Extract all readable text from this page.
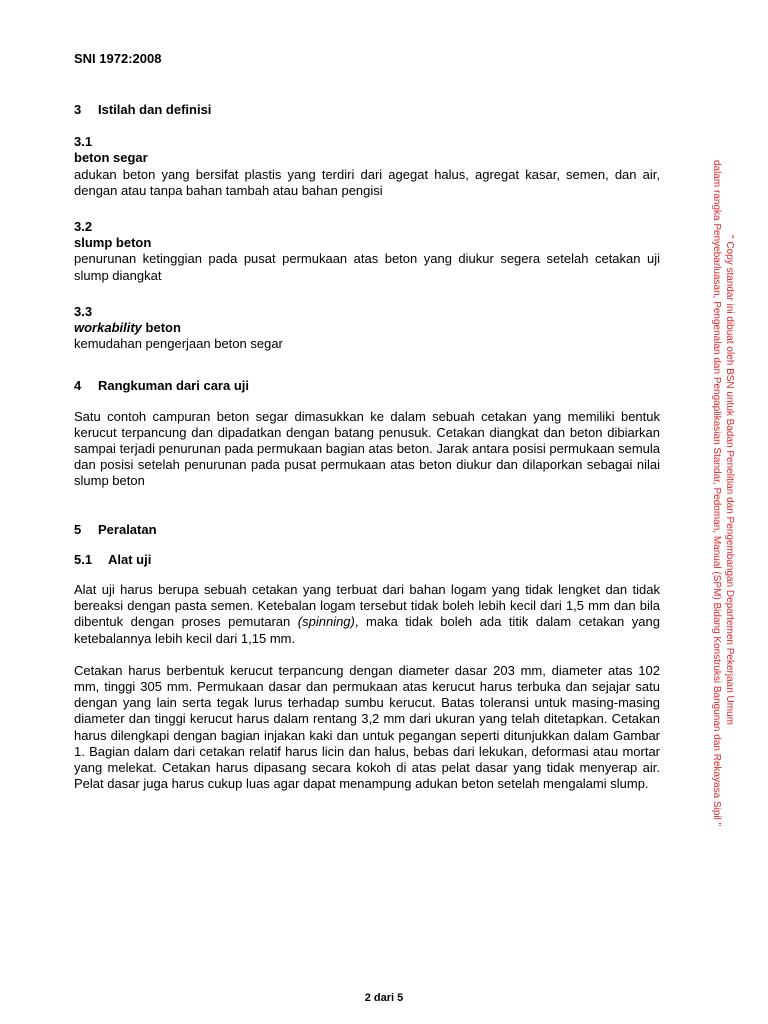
SNI 1972:2008
3 Istilah dan definisi
3.1
beton segar
adukan beton yang bersifat plastis yang terdiri dari agegat halus, agregat kasar, semen, dan air, dengan atau tanpa bahan tambah atau bahan pengisi
3.2
slump beton
penurunan ketinggian pada pusat permukaan atas beton yang diukur segera setelah cetakan uji slump diangkat
3.3
workability beton
kemudahan pengerjaan beton segar
4 Rangkuman dari cara uji
Satu contoh campuran beton segar dimasukkan ke dalam sebuah cetakan yang memiliki bentuk kerucut terpancung dan dipadatkan dengan batang penusuk. Cetakan diangkat dan beton dibiarkan sampai terjadi penurunan pada permukaan bagian atas beton. Jarak antara posisi permukaan semula dan posisi setelah penurunan pada pusat permukaan atas beton diukur dan dilaporkan sebagai nilai slump beton
5 Peralatan
5.1 Alat uji
Alat uji harus berupa sebuah cetakan yang terbuat dari bahan logam yang tidak lengket dan tidak bereaksi dengan pasta semen. Ketebalan logam tersebut tidak boleh lebih kecil dari 1,5 mm dan bila dibentuk dengan proses pemutaran (spinning), maka tidak boleh ada titik dalam cetakan yang ketebalannya lebih kecil dari 1,15 mm.
Cetakan harus berbentuk kerucut terpancung dengan diameter dasar 203 mm, diameter atas 102 mm, tinggi 305 mm. Permukaan dasar dan permukaan atas kerucut harus terbuka dan sejajar satu dengan yang lain serta tegak lurus terhadap sumbu kerucut. Batas toleransi untuk masing-masing diameter dan tinggi kerucut harus dalam rentang 3,2 mm dari ukuran yang telah ditetapkan. Cetakan harus dilengkapi dengan bagian injakan kaki dan untuk pegangan seperti ditunjukkan dalam Gambar 1. Bagian dalam dari cetakan relatif harus licin dan halus, bebas dari lekukan, deformasi atau mortar yang melekat. Cetakan harus dipasang secara kokoh di atas pelat dasar yang tidak menyerap air. Pelat dasar juga harus cukup luas agar dapat menampung adukan beton setelah mengalami slump.
2 dari 5
" Copy standar ini dibuat oleh BSN untuk Badan Penelitian dan Pengembangan Departemen Pekerjaan Umum
dalam rangka Penyebarluasan, Pengenalan dan Pengaplikasian Standar, Pedoman, Manual (SPM) Bidang Konstruksi Bangunan dan Rekayasa Sipil "
